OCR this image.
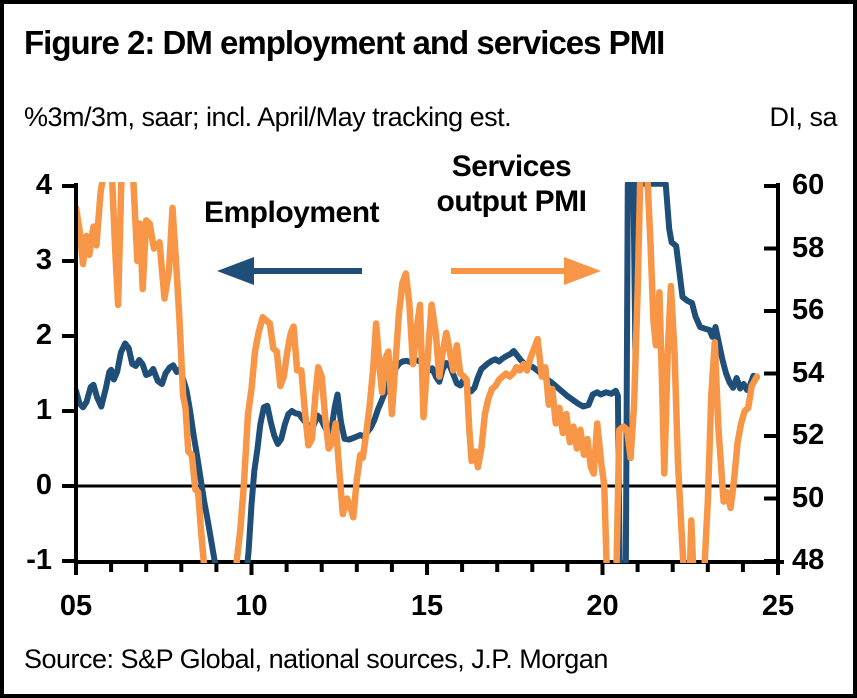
Figure 2: DM employment and services PMI
%3m/3m, saar; incl. April/May tracking est.	DI, sa
Employment
Services
output PMI
Source: S&P Global, national sources, J.P. Morgan
4
3
2
1
0
-1
60
58
56
54
52
50
48
05	10	15	20	25
